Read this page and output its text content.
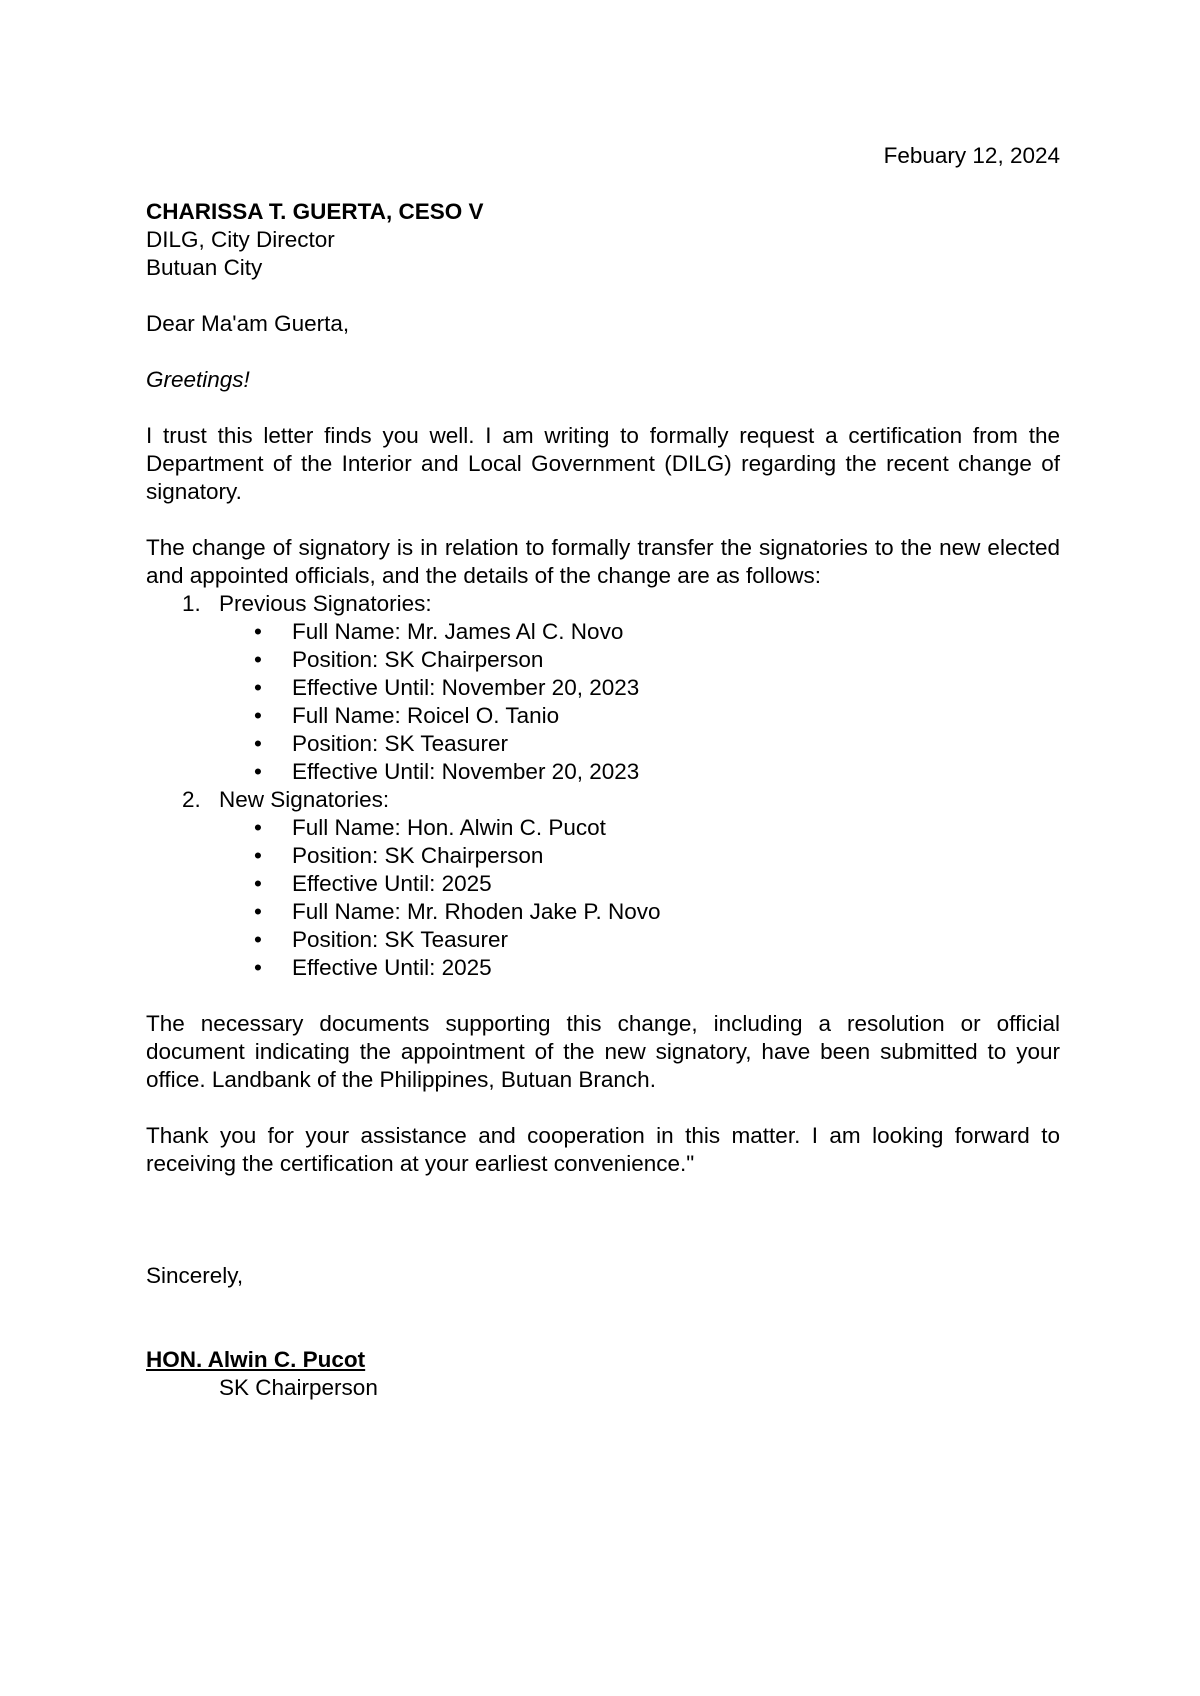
Febuary 12, 2024

CHARISSA T. GUERTA, CESO V

DILG, City Director

Butuan City

Dear Ma'am Guerta,

Greetings!

I trust this letter finds you well. I am writing to formally request a certification from the Department of the Interior and Local Government (DILG) regarding the recent change of signatory.

The change of signatory is in relation to formally transfer the signatories to the new elected and appointed officials, and the details of the change are as follows:

1. Previous Signatories:

• Full Name: Mr. James Al C. Novo

• Position: SK Chairperson

• Effective Until: November 20, 2023

• Full Name: Roicel O. Tanio

• Position: SK Teasurer

• Effective Until: November 20, 2023

2. New Signatories:

• Full Name: Hon. Alwin C. Pucot

• Position: SK Chairperson

• Effective Until: 2025

• Full Name: Mr. Rhoden Jake P. Novo

• Position: SK Teasurer

• Effective Until: 2025

The necessary documents supporting this change, including a resolution or official document indicating the appointment of the new signatory, have been submitted to your office. Landbank of the Philippines, Butuan Branch.

Thank you for your assistance and cooperation in this matter. I am looking forward to receiving the certification at your earliest convenience."

Sincerely,

HON. Alwin C. Pucot

SK Chairperson
